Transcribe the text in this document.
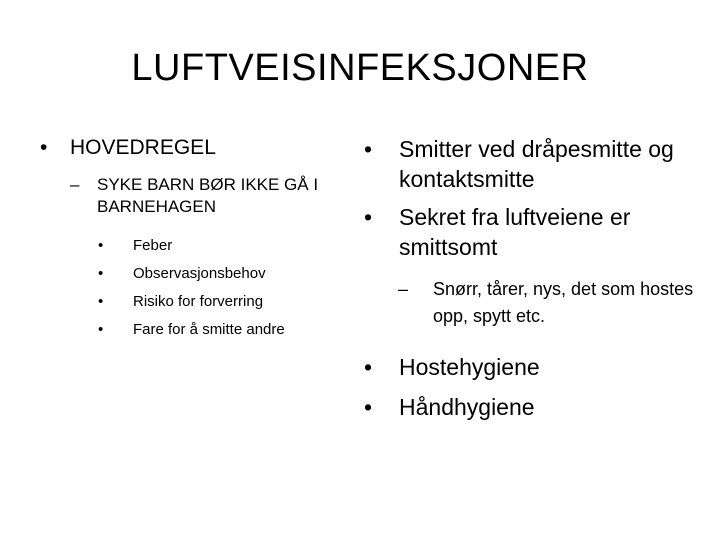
LUFTVEISINFEKSJONER
• HOVEDREGEL
– SYKE BARN BØR IKKE GÅ I BARNEHAGEN
• Feber
• Observasjonsbehov
• Risiko for forverring
• Fare for å smitte andre
• Smitter ved dråpesmitte og kontaktsmitte
• Sekret fra luftveiene er smittsomt
– Snørr, tårer, nys, det som hostes opp, spytt etc.
• Hostehygiene
• Håndhygiene
